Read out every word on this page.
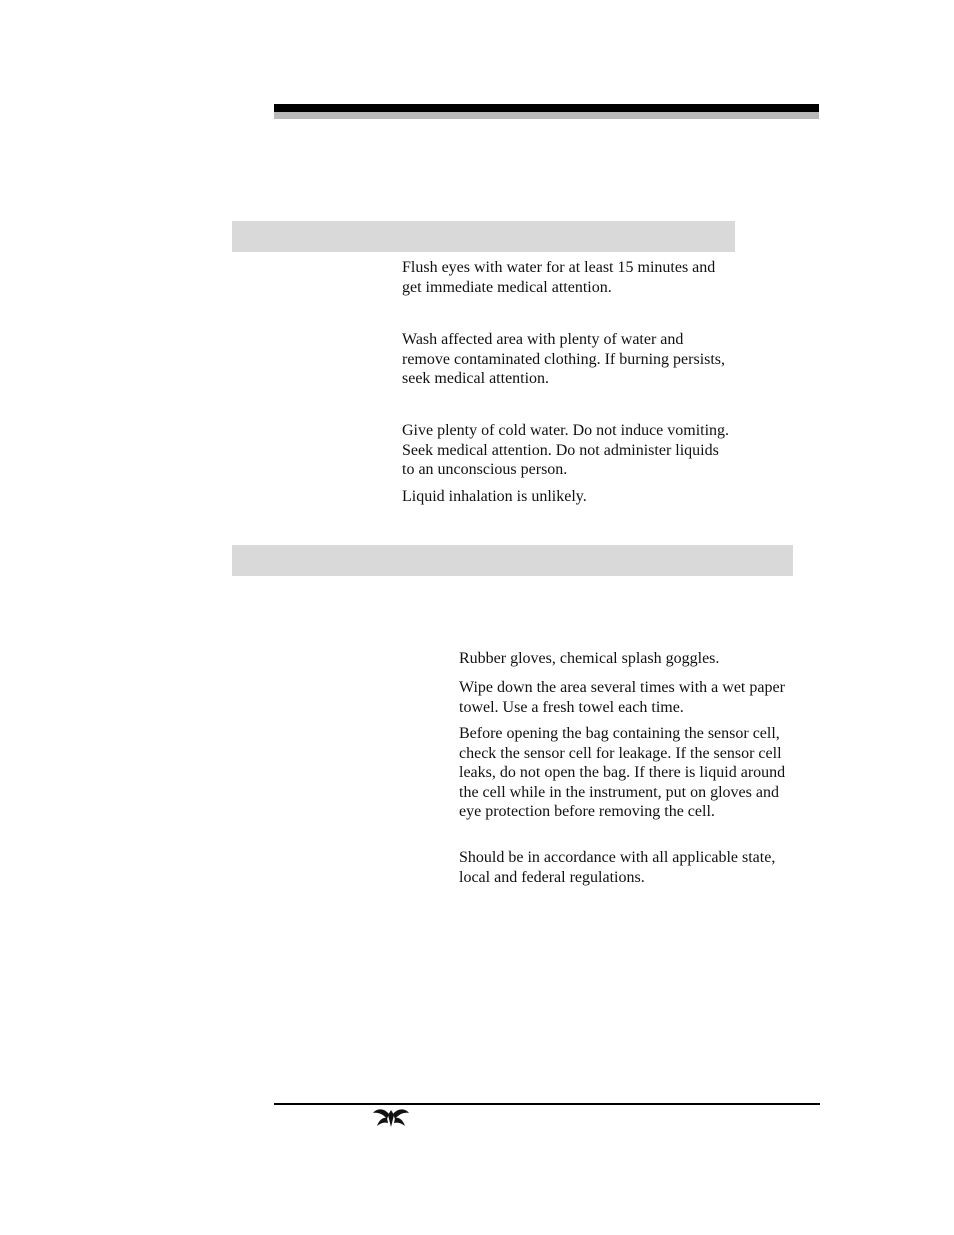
Flush eyes with water for at least 15 minutes and get immediate medical attention.

Wash affected area with plenty of water and remove contaminated clothing. If burning persists, seek medical attention.

Give plenty of cold water. Do not induce vomiting. Seek medical attention. Do not administer liquids to an unconscious person.

Liquid inhalation is unlikely.

Rubber gloves, chemical splash goggles.

Wipe down the area several times with a wet paper towel. Use a fresh towel each time.

Before opening the bag containing the sensor cell, check the sensor cell for leakage. If the sensor cell leaks, do not open the bag. If there is liquid around the cell while in the instrument, put on gloves and eye protection before removing the cell.

Should be in accordance with all applicable state, local and federal regulations.
